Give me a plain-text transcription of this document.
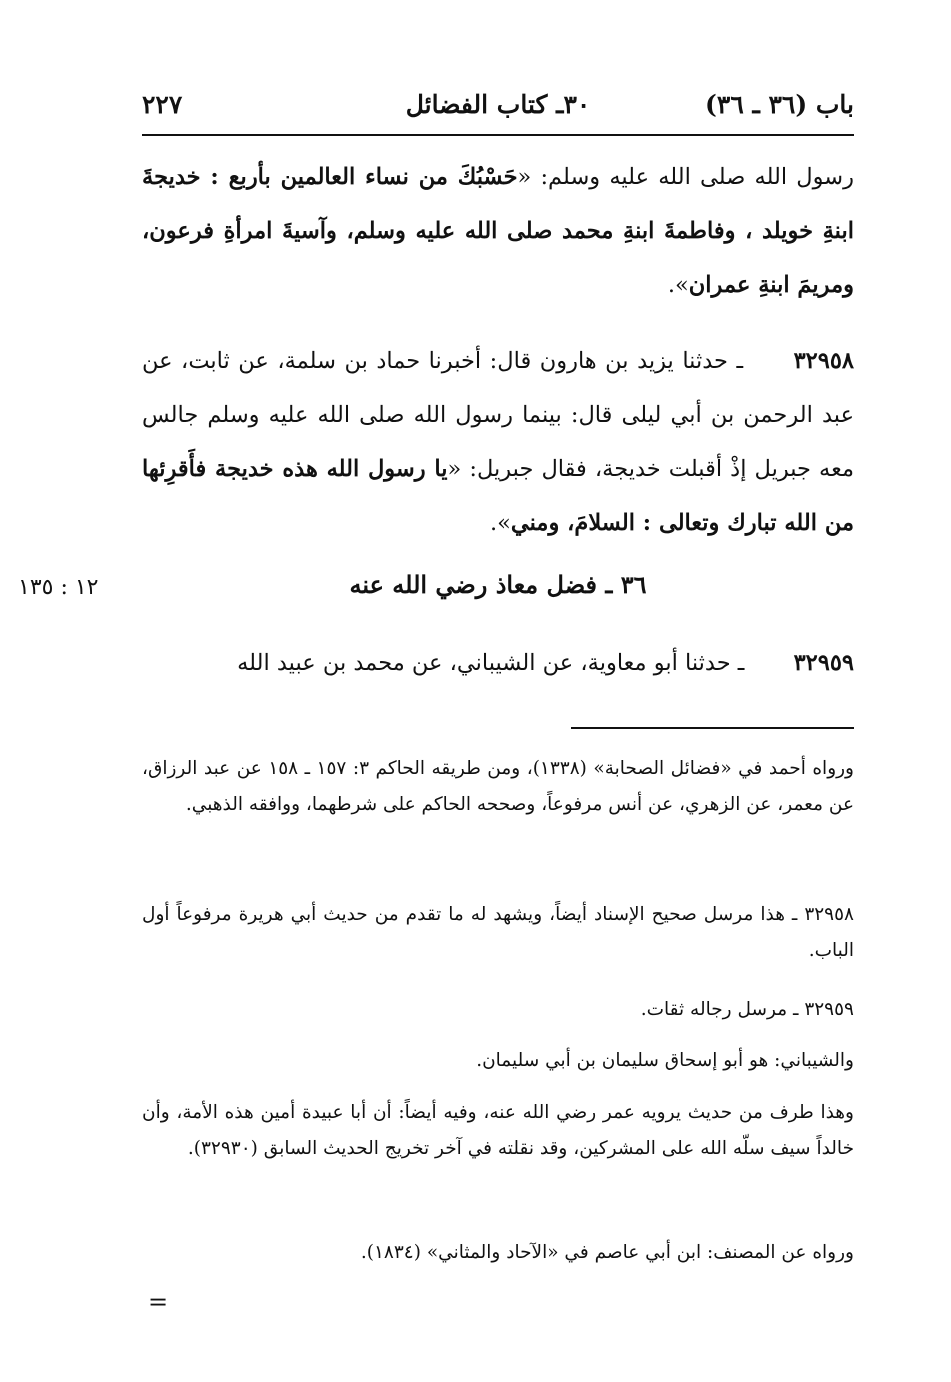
باب (٣٦ ـ ٣٦)
٣٠ـ كتاب الفضائل
٢٢٧
رسول الله صلى الله عليه وسلم: «حَسْبُكَ من نساء العالمين بأربع : خديجةَ ابنةِ خويلد ، وفاطمةَ ابنةِ محمد صلى الله عليه وسلم، وآسيةَ امرأةِ فرعون، ومريمَ ابنةِ عمران».
٣٢٩٥٨ ـ حدثنا يزيد بن هارون قال: أخبرنا حماد بن سلمة، عن ثابت، عن عبد الرحمن بن أبي ليلى قال: بينما رسول الله صلى الله عليه وسلم جالس معه جبريل إذْ أقبلت خديجة، فقال جبريل: «يا رسول الله هذه خديجة فأَقرِئها من الله تبارك وتعالى : السلامَ، ومني».
١٢ : ١٣٥	٣٦ ـ فضل معاذ رضي الله عنه
٣٢٩٥٩ ـ حدثنا أبو معاوية، عن الشيباني، عن محمد بن عبيد الله
ورواه أحمد في «فضائل الصحابة» (١٣٣٨)، ومن طريقه الحاكم ٣: ١٥٧ ـ ١٥٨ عن عبد الرزاق، عن معمر، عن الزهري، عن أنس مرفوعاً، وصححه الحاكم على شرطهما، ووافقه الذهبي.
٣٢٩٥٨ ـ هذا مرسل صحيح الإسناد أيضاً، ويشهد له ما تقدم من حديث أبي هريرة مرفوعاً أول الباب.
٣٢٩٥٩ ـ مرسل رجاله ثقات.
والشيباني: هو أبو إسحاق سليمان بن أبي سليمان.
وهذا طرف من حديث يرويه عمر رضي الله عنه، وفيه أيضاً: أن أبا عبيدة أمين هذه الأمة، وأن خالداً سيف سلّه الله على المشركين، وقد نقلته في آخر تخريج الحديث السابق (٣٢٩٣٠).
ورواه عن المصنف: ابن أبي عاصم في «الآحاد والمثاني» (١٨٣٤).
=
